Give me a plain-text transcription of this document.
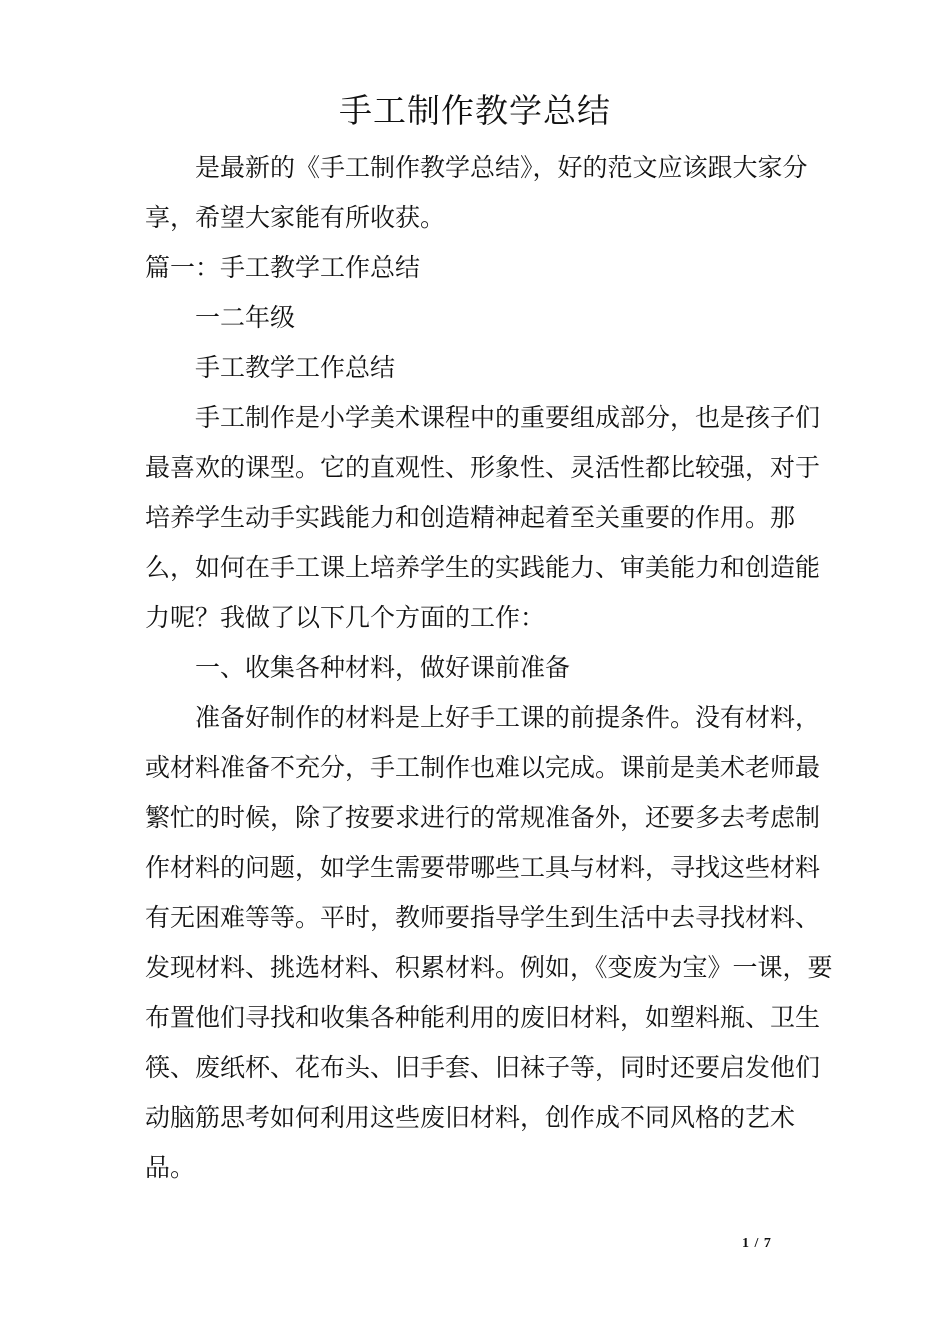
手工制作教学总结

是最新的《手工制作教学总结》，好的范文应该跟大家分享，希望大家能有所收获。

篇一：手工教学工作总结

一二年级

手工教学工作总结

手工制作是小学美术课程中的重要组成部分，也是孩子们最喜欢的课型。它的直观性、形象性、灵活性都比较强，对于培养学生动手实践能力和创造精神起着至关重要的作用。那么，如何在手工课上培养学生的实践能力、审美能力和创造能力呢？我做了以下几个方面的工作：

一、收集各种材料，做好课前准备

准备好制作的材料是上好手工课的前提条件。没有材料，或材料准备不充分，手工制作也难以完成。课前是美术老师最繁忙的时候，除了按要求进行的常规准备外，还要多去考虑制作材料的问题，如学生需要带哪些工具与材料，寻找这些材料有无困难等等。平时，教师要指导学生到生活中去寻找材料、发现材料、挑选材料、积累材料。例如，《变废为宝》一课，要布置他们寻找和收集各种能利用的废旧材料，如塑料瓶、卫生筷、废纸杯、花布头、旧手套、旧袜子等，同时还要启发他们动脑筋思考如何利用这些废旧材料，创作成不同风格的艺术品。

1 / 7
